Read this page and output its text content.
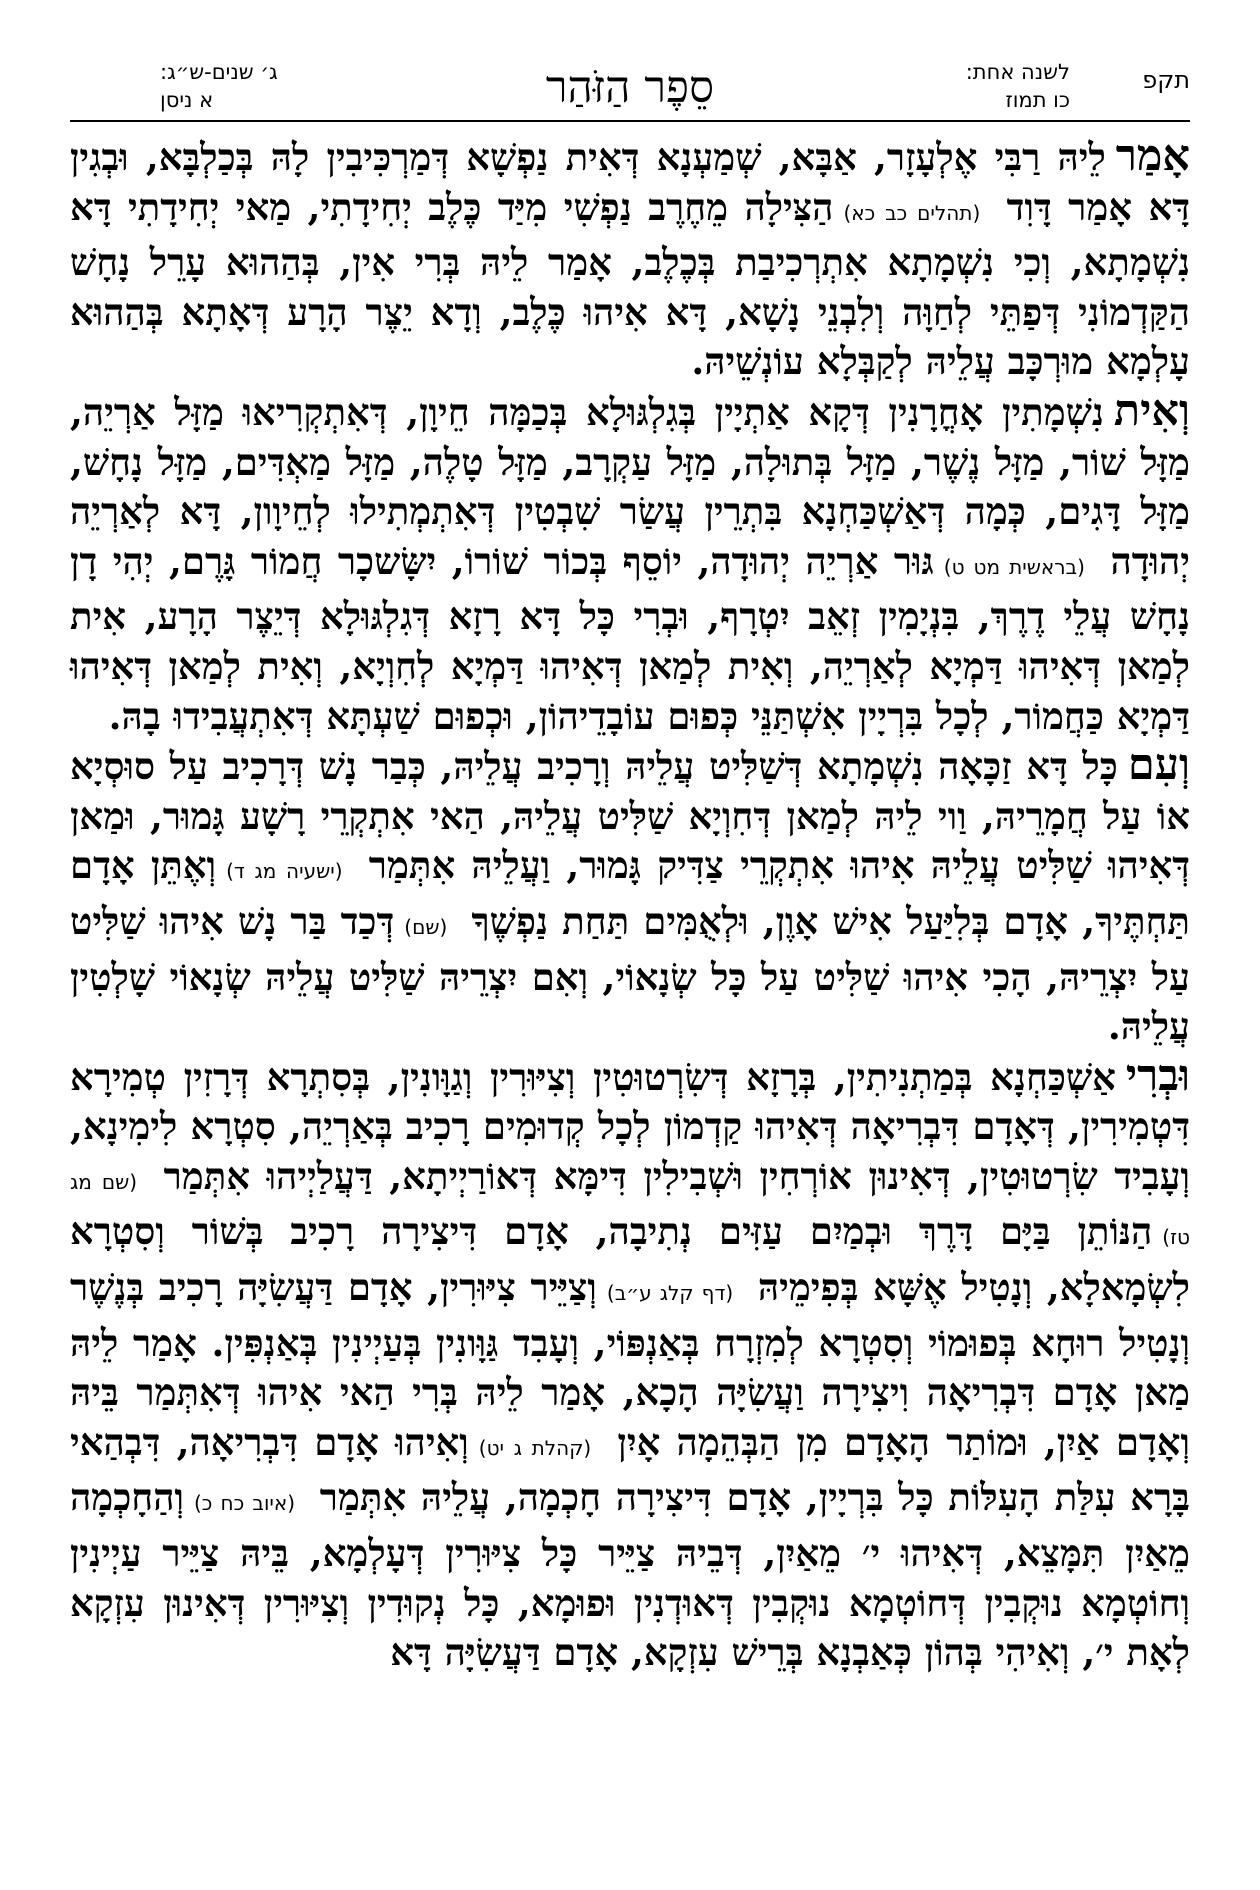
תקפ
לשנה אחת:
כו תמוז
סֵפֶר הַזֹּהַר
ג׳ שנים-ש״ג:
א ניסן

אָמַרלֵיהּ רַבִּי אֶלְעָזָר, אַבָּא, שְׁמַעְנָא דְּאִית נַפְשָׁא דְּמַרְכִּיבִין לָהּ בְּכַלְבָּא, וּבְגִין דָּא אָמַר דָּוִד (תהלים כב כא)הַצִּילָה מֵחֶרֶב נַפְשִׁי מִיַּד כֶּלֶב יְחִידָתִי, מַאי יְחִידָתִי דָּא נִשְׁמָתָא, וְכִי נִשְׁמָתָא אִתְרְכִיבַת בְּכֶלֶב, אָמַר לֵיהּ בְּרִי אִין, בְּהַהוּא עָרֵל נָחָשׁ הַקַּדְמוֹנִי דְּפַתֵּי לְחַוָּה וְלִבְנֵי נָשָׁא, דָּא אִיהוּ כֶּלֶב, וְדָא יֵצֶר הָרָע דְּאָתָא בְּהַהוּא עָלְמָא מוּרְכָּב עֲלֵיהּ לְקַבְּלָא עוֹנְשֵׁיהּ.

וְאִיתנִשְׁמָתִין אָחֳרָנִין דְּקָא אַתְיָין בְּגִלְגּוּלָא בְּכַמָּה חֵיוָן, דְּאִתְקְרִיאוּ מַזָּל אַרְיֵה, מַזָּל שׁוֹר, מַזָּל נֶשֶׁר, מַזָּל בְּתוּלָה, מַזָּל עַקְרָב, מַזָּל טָלֶה, מַזָּל מַאְדִּים, מַזָּל נָחָשׁ, מַזָּל דָּגִים, כְּמָה דְּאַשְׁכַּחְנָא בִּתְרֵין עֲשַׂר שִׁבְטִין דְּאִתְמְתִילוּ לְחֵיוָון, דָּא לְאַרְיֵה יְהוּדָה (בראשית מט ט)גּוּר אַרְיֵה יְהוּדָה, יוֹסֵף בְּכוֹר שׁוֹרוֹ, יִשָּׂשכָר חֲמוֹר גָּרֶם, יְהִי דָן נָחָשׁ עֲלֵי דֶרֶךְ, בִּנְיָמִין זְאֵב יִטְרָף, וּבְרִי כָּל דָּא רָזָא דְּגִלְגּוּלָא דְּיֵצֶר הָרָע, אִית לְמַאן דְּאִיהוּ דַּמְיָא לְאַרְיֵה, וְאִית לְמַאן דְּאִיהוּ דַּמְיָא לְחִוְיָא, וְאִית לְמַאן דְּאִיהוּ דַּמְיָא כַּחֲמוֹר, לְכָל בִּרְיָין אִשְׁתַּנֵּי כְּפוּם עוֹבָדֵיהוֹן, וּכְפוּם שַׁעְתָּא דְּאִתְעֲבִידוּ בָהּ.

וְעִםכָּל דָּא זַכָּאָה נִשְׁמָתָא דְּשַׁלִּיט עֲלֵיהּ וְרָכִיב עֲלֵיהּ, כְּבַר נָשׁ דְּרָכִיב עַל סוּסְיָא אוֹ עַל חֲמָרֵיהּ, וַוי לֵיהּ לְמַאן דְּחִוְיָא שַׁלִּיט עֲלֵיהּ, הַאי אִתְקְרֵי רָשָׁע גָּמוּר, וּמַאן דְּאִיהוּ שַׁלִּיט עֲלֵיהּ אִיהוּ אִתְקְרֵי צַדִּיק גָּמוּר, וַעֲלֵיהּ אִתְּמַר (ישעיה מג ד)וְאֶתֵּן אָדָם תַּחְתֶּיךָ, אָדָם בְּלִיַּעַל אִישׁ אָוֶן, וּלְאֻמִּים תַּחַת נַפְשֶׁךָ (שם)דְּכַד בַּר נָשׁ אִיהוּ שַׁלִּיט עַל יִצְרֵיהּ, הָכִי אִיהוּ שַׁלִּיט עַל כָּל שְׂנָאוֹי, וְאִם יִצְרֵיהּ שַׁלִּיט עֲלֵיהּ שְׂנָאוֹי שָׁלְטִין עֲלֵיהּ.

וּבְרִיאַשְׁכַּחְנָא בְּמַתְנִיתִין, בְּרָזָא דְּשִׂרְטוּטִין וְצִיּוּרִין וְגַוָּונִין, בְּסִתְרָא דְּרָזִין טְמִירָא דִּטְמִירִין, דְּאָדָם דִּבְרִיאָה דְּאִיהוּ קַדְמוֹן לְכָל קְדוּמִים רָכִיב בְּאַרְיֵה, סִטְרָא לִימִינָא, וְעָבִיד שִׂרְטוּטִין, דְּאִינוּן אוֹרְחִין וּשְׁבִילִין דִּימָּא דְּאוֹרַיְיתָא, דַּעֲלַיְיהוּ אִתְּמַר (שם מג טז)הַנּוֹתֵן בַּיָּם דָּרֶךְ וּבְמַיִם עַזִּים נְתִיבָה, אָדָם דִּיצִירָה רָכִיב בְּשׁוֹר וְסִטְרָא לִשְׂמָאלָא, וְנָטִיל אֶשָּׁא בְּפִימֵיהּ (דף קלג ע״ב)וְצַיֵּיר צִיּוּרִין, אָדָם דַּעֲשִׂיָּה רָכִיב בְּנֶשֶׁר וְנָטִיל רוּחָא בְּפוּמוֹי וְסִטְרָא לְמִזְרָח בְּאַנְפּוֹי, וְעָבִד גַּוָּונִין בְּעַיְינִין בְּאַנְפִּין. אָמַר לֵיהּ מַאן אָדָם דִּבְרִיאָה וִיצִירָה וַעֲשִׂיָּה הָכָא, אָמַר לֵיהּ בְּרִי הַאי אִיהוּ דְּאִתְּמַר בֵּיהּ וְאָדָם אַיִן, וּמוֹתַר הָאָדָם מִן הַבְּהֵמָה אָיִן (קהלת ג יט)וְאִיהוּ אָדָם דִּבְרִיאָה, דִּבְהַאי בָּרָא עִלַּת הָעִלּוֹת כָּל בִּרְיָין, אָדָם דִּיצִירָה חָכְמָה, עֲלֵיהּ אִתְּמַר (איוב כח כ)וְהַחָכְמָה מֵאַיִן תִּמָּצֵא, דְּאִיהוּ י׳ מֵאַיִן, דְּבֵיהּ צַיֵּיר כָּל צִיּוּרִין דְּעָלְמָא, בֵּיהּ צַיֵּיר עַיְינִין וְחוֹטְמָא נוּקְבִין דְּחוֹטְמָא נוּקְבִין דְּאוּדְנִין וּפוּמָא, כָּל נְקוּדִין וְצִיּוּרִין דְּאִינוּן עִזְקָא לְאָת י׳, וְאִיהִי בְּהוֹן כְּאַבְנָא בְּרֵישׁ עִזְקָא, אָדָם דַּעֲשִׂיָּה דָּא
